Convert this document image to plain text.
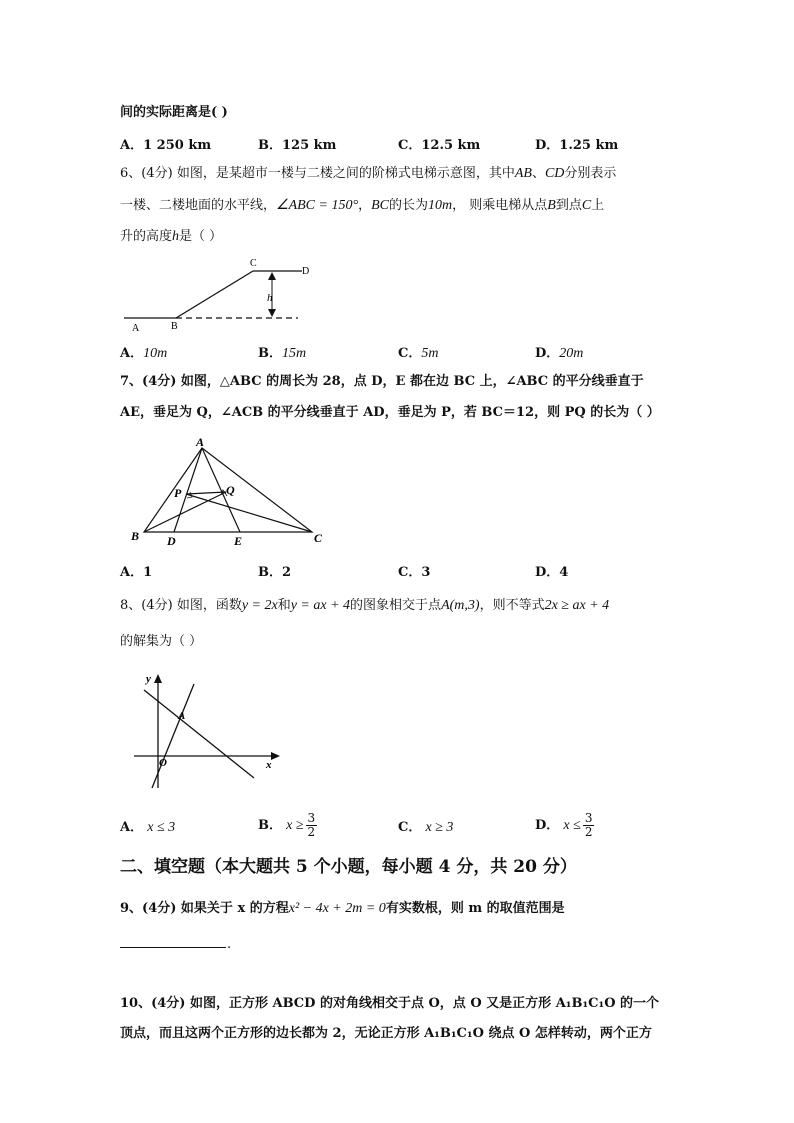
间的实际距离是( )
A．1 250 km	B．125 km	C．12.5 km	D．1.25 km
6、(4分) 如图，是某超市一楼与二楼之间的阶梯式电梯示意图，其中AB、CD分别表示
一楼、二楼地面的水平线，∠ABC = 150°，BC的长为10m， 则乘电梯从点B到点C上
升的高度h是（ ）
A	B
C
D
h
A．10m	B．15m	C．5m	D．20m
7、(4分) 如图，△ABC 的周长为 28，点 D，E 都在边 BC 上，∠ABC 的平分线垂直于
AE，垂足为 Q，∠ACB 的平分线垂直于 AD，垂足为 P，若 BC＝12，则 PQ 的长为（ ）
A
B	C
D	E
P	Q
A．1	B．2	C．3	D．4
8、(4分) 如图，函数y = 2x和y = ax + 4的图象相交于点A(m,3)，则不等式2x ≥ ax + 4
的解集为（ ）
y
x
O
A
A． x ≤ 3	B． $x \ge \frac{3}{2}$	C． x ≥ 3	D． $x \le \frac{3}{2}$
二、填空题（本大题共 5 个小题，每小题 4 分，共 20 分）
9、(4分) 如果关于 x 的方程x² − 4x + 2m = 0有实数根，则 m 的取值范围是
.
10、(4分) 如图，正方形 ABCD 的对角线相交于点 O，点 O 又是正方形 A₁B₁C₁O 的一个
顶点，而且这两个正方形的边长都为 2，无论正方形 A₁B₁C₁O 绕点 O 怎样转动，两个正方
